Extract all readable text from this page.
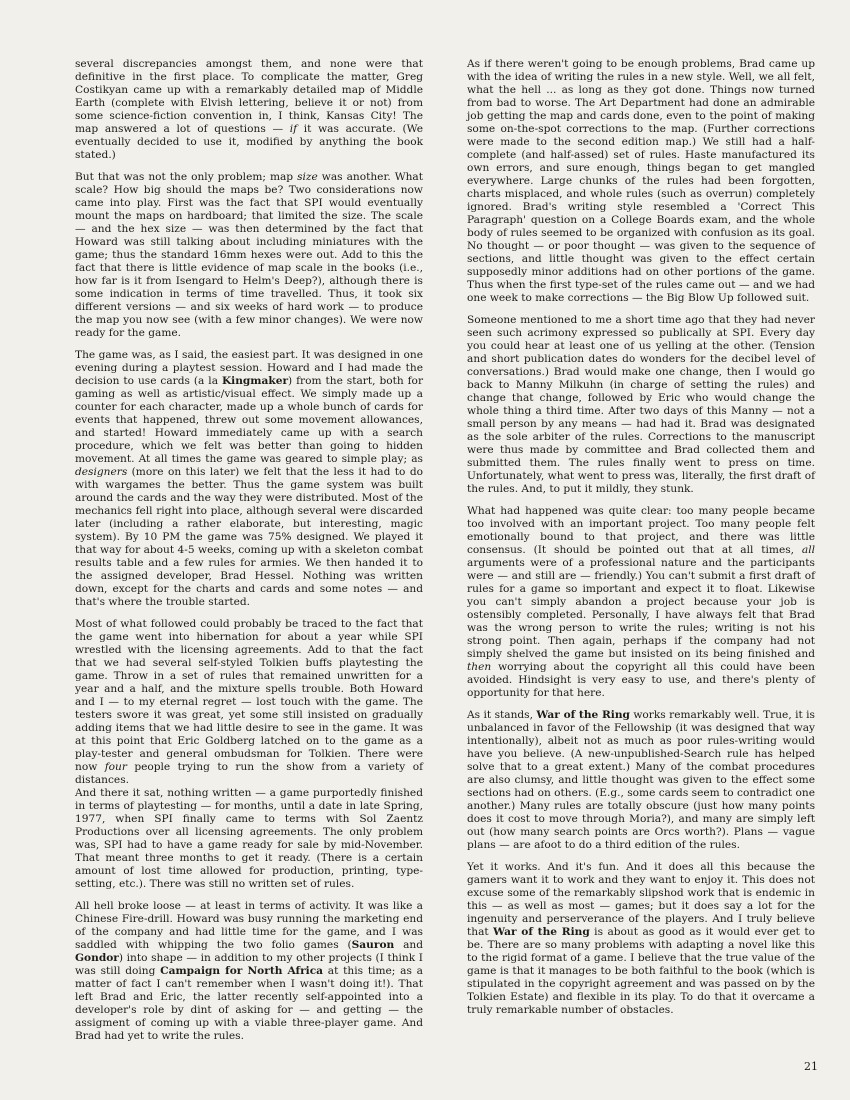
several discrepancies amongst them, and none were that definitive in the first place. To complicate the matter, Greg Costikyan came up with a remarkably detailed map of Middle Earth (complete with Elvish lettering, believe it or not) from some science-fiction convention in, I think, Kansas City! The map answered a lot of questions — if it was accurate. (We eventually decided to use it, modified by anything the book stated.)

But that was not the only problem; map size was another. What scale? How big should the maps be? Two considerations now came into play. First was the fact that SPI would eventually mount the maps on hardboard; that limited the size. The scale — and the hex size — was then determined by the fact that Howard was still talking about including miniatures with the game; thus the standard 16mm hexes were out. Add to this the fact that there is little evidence of map scale in the books (i.e., how far is it from Isengard to Helm's Deep?), although there is some indication in terms of time travelled. Thus, it took six different versions — and six weeks of hard work — to produce the map you now see (with a few minor changes). We were now ready for the game.

The game was, as I said, the easiest part. It was designed in one evening during a playtest session. Howard and I had made the decision to use cards (a la Kingmaker) from the start, both for gaming as well as artistic/visual effect. We simply made up a counter for each character, made up a whole bunch of cards for events that happened, threw out some movement allowances, and started! Howard immediately came up with a search procedure, which we felt was better than going to hidden movement. At all times the game was geared to simple play; as designers (more on this later) we felt that the less it had to do with wargames the better. Thus the game system was built around the cards and the way they were distributed. Most of the mechanics fell right into place, although several were discarded later (including a rather elaborate, but interesting, magic system). By 10 PM the game was 75% designed. We played it that way for about 4-5 weeks, coming up with a skeleton combat results table and a few rules for armies. We then handed it to the assigned developer, Brad Hessel. Nothing was written down, except for the charts and cards and some notes — and that's where the trouble started.

Most of what followed could probably be traced to the fact that the game went into hibernation for about a year while SPI wrestled with the licensing agreements. Add to that the fact that we had several self-styled Tolkien buffs playtesting the game. Throw in a set of rules that remained unwritten for a year and a half, and the mixture spells trouble. Both Howard and I — to my eternal regret — lost touch with the game. The testers swore it was great, yet some still insisted on gradually adding items that we had little desire to see in the game. It was at this point that Eric Goldberg latched on to the game as a play-tester and general ombudsman for Tolkien. There were now four people trying to run the show from a variety of distances.

And there it sat, nothing written — a game purportedly finished in terms of playtesting — for months, until a date in late Spring, 1977, when SPI finally came to terms with Sol Zaentz Productions over all licensing agreements. The only problem was, SPI had to have a game ready for sale by mid-November. That meant three months to get it ready. (There is a certain amount of lost time allowed for production, printing, type-setting, etc.). There was still no written set of rules.

All hell broke loose — at least in terms of activity. It was like a Chinese Fire-drill. Howard was busy running the marketing end of the company and had little time for the game, and I was saddled with whipping the two folio games (Sauron and Gondor) into shape — in addition to my other projects (I think I was still doing Campaign for North Africa at this time; as a matter of fact I can't remember when I wasn't doing it!). That left Brad and Eric, the latter recently self-appointed into a developer's role by dint of asking for — and getting — the assigment of coming up with a viable three-player game. And Brad had yet to write the rules.

As if there weren't going to be enough problems, Brad came up with the idea of writing the rules in a new style. Well, we all felt, what the hell ... as long as they got done. Things now turned from bad to worse. The Art Department had done an admirable job getting the map and cards done, even to the point of making some on-the-spot corrections to the map. (Further corrections were made to the second edition map.) We still had a half-complete (and half-assed) set of rules. Haste manufactured its own errors, and sure enough, things began to get mangled everywhere. Large chunks of the rules had been forgotten, charts misplaced, and whole rules (such as overrun) completely ignored. Brad's writing style resembled a 'Correct This Paragraph' question on a College Boards exam, and the whole body of rules seemed to be organized with confusion as its goal. No thought — or poor thought — was given to the sequence of sections, and little thought was given to the effect certain supposedly minor additions had on other portions of the game. Thus when the first type-set of the rules came out — and we had one week to make corrections — the Big Blow Up followed suit.

Someone mentioned to me a short time ago that they had never seen such acrimony expressed so publically at SPI. Every day you could hear at least one of us yelling at the other. (Tension and short publication dates do wonders for the decibel level of conversations.) Brad would make one change, then I would go back to Manny Milkuhn (in charge of setting the rules) and change that change, followed by Eric who would change the whole thing a third time. After two days of this Manny — not a small person by any means — had had it. Brad was designated as the sole arbiter of the rules. Corrections to the manuscript were thus made by committee and Brad collected them and submitted them. The rules finally went to press on time. Unfortunately, what went to press was, literally, the first draft of the rules. And, to put it mildly, they stunk.

What had happened was quite clear: too many people became too involved with an important project. Too many people felt emotionally bound to that project, and there was little consensus. (It should be pointed out that at all times, all arguments were of a professional nature and the participants were — and still are — friendly.) You can't submit a first draft of rules for a game so important and expect it to float. Likewise you can't simply abandon a project because your job is ostensibly completed. Personally, I have always felt that Brad was the wrong person to write the rules; writing is not his strong point. Then again, perhaps if the company had not simply shelved the game but insisted on its being finished and then worrying about the copyright all this could have been avoided. Hindsight is very easy to use, and there's plenty of opportunity for that here.

As it stands, War of the Ring works remarkably well. True, it is unbalanced in favor of the Fellowship (it was designed that way intentionally), albeit not as much as poor rules-writing would have you believe. (A new-unpublished-Search rule has helped solve that to a great extent.) Many of the combat procedures are also clumsy, and little thought was given to the effect some sections had on others. (E.g., some cards seem to contradict one another.) Many rules are totally obscure (just how many points does it cost to move through Moria?), and many are simply left out (how many search points are Orcs worth?). Plans — vague plans — are afoot to do a third edition of the rules.

Yet it works. And it's fun. And it does all this because the gamers want it to work and they want to enjoy it. This does not excuse some of the remarkably slipshod work that is endemic in this — as well as most — games; but it does say a lot for the ingenuity and perserverance of the players. And I truly believe that War of the Ring is about as good as it would ever get to be. There are so many problems with adapting a novel like this to the rigid format of a game. I believe that the true value of the game is that it manages to be both faithful to the book (which is stipulated in the copyright agreement and was passed on by the Tolkien Estate) and flexible in its play. To do that it overcame a truly remarkable number of obstacles.

21
